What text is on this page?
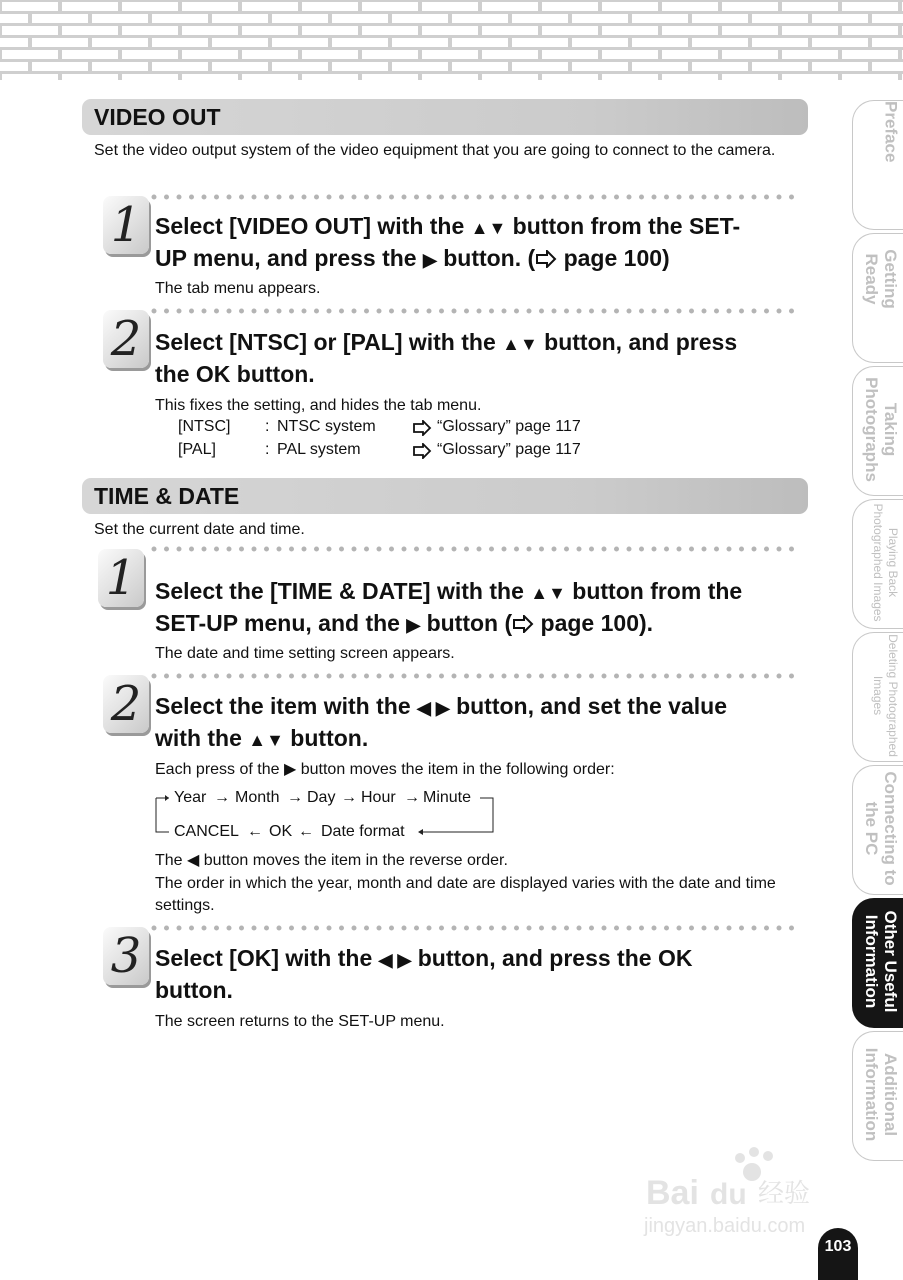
VIDEO OUT
Set the video output system of the video equipment that you are going to connect to the camera.
1 Select [VIDEO OUT] with the ▲▼ button from the SET-
UP menu, and press the ▶ button. ( page 100)
The tab menu appears.
2 Select [NTSC] or [PAL] with the ▲▼ button, and press
the OK button.
This fixes the setting, and hides the tab menu.
[NTSC] : NTSC system	“Glossary” page 117
[PAL]	: PAL system	“Glossary” page 117
TIME & DATE
Set the current date and time.
1 Select the [TIME & DATE] with the ▲▼ button from the
SET-UP menu, and the ▶ button ( page 100).
The date and time setting screen appears.
2 Select the item with the ◀ ▶ button, and set the value
with the ▲▼ button.
Each press of the ▶ button moves the item in the following order:
Year → Month → Day → Hour → Minute
CANCEL ← OK ← Date format
The ◀ button moves the item in the reverse order.
The order in which the year, month and date are displayed varies with the date and time settings.
3 Select [OK] with the ◀ ▶ button, and press the OK
button.
The screen returns to the SET-UP menu.
Preface
Getting Ready
Taking Photographs
Playing Back Photographed Images
Deleting Photographed Images
Connecting to the PC
Other Useful Information
Additional Information
Bai du 经验
jingyan.baidu.com
103
